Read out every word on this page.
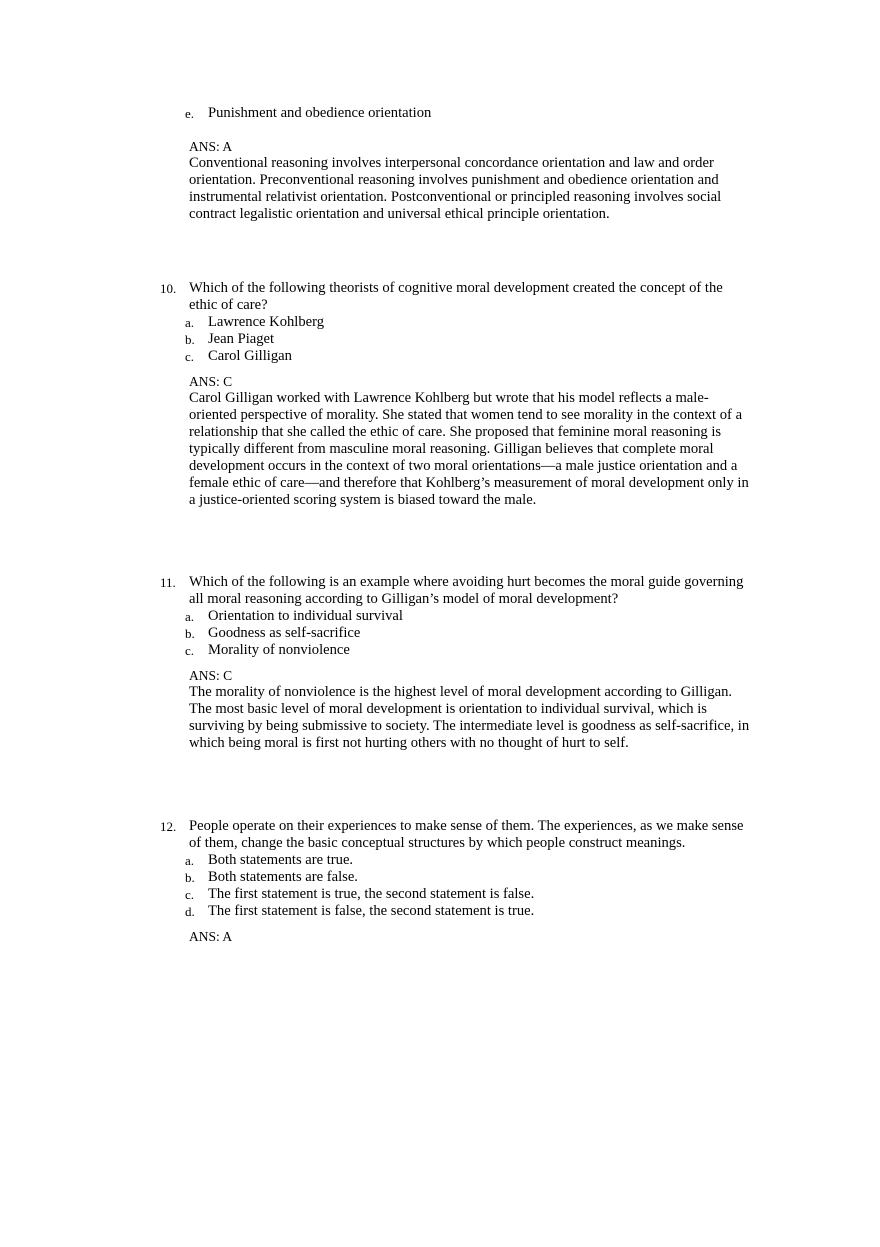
e. Punishment and obedience orientation
ANS: A
Conventional reasoning involves interpersonal concordance orientation and law and order orientation. Preconventional reasoning involves punishment and obedience orientation and instrumental relativist orientation. Postconventional or principled reasoning involves social contract legalistic orientation and universal ethical principle orientation.
10. Which of the following theorists of cognitive moral development created the concept of the ethic of care?
a. Lawrence Kohlberg
b. Jean Piaget
c. Carol Gilligan
ANS: C
Carol Gilligan worked with Lawrence Kohlberg but wrote that his model reflects a male-oriented perspective of morality. She stated that women tend to see morality in the context of a relationship that she called the ethic of care. She proposed that feminine moral reasoning is typically different from masculine moral reasoning. Gilligan believes that complete moral development occurs in the context of two moral orientations—a male justice orientation and a female ethic of care—and therefore that Kohlberg’s measurement of moral development only in a justice-oriented scoring system is biased toward the male.
11. Which of the following is an example where avoiding hurt becomes the moral guide governing all moral reasoning according to Gilligan’s model of moral development?
a. Orientation to individual survival
b. Goodness as self-sacrifice
c. Morality of nonviolence
ANS: C
The morality of nonviolence is the highest level of moral development according to Gilligan. The most basic level of moral development is orientation to individual survival, which is surviving by being submissive to society. The intermediate level is goodness as self-sacrifice, in which being moral is first not hurting others with no thought of hurt to self.
12. People operate on their experiences to make sense of them. The experiences, as we make sense of them, change the basic conceptual structures by which people construct meanings.
a. Both statements are true.
b. Both statements are false.
c. The first statement is true, the second statement is false.
d. The first statement is false, the second statement is true.
ANS: A
